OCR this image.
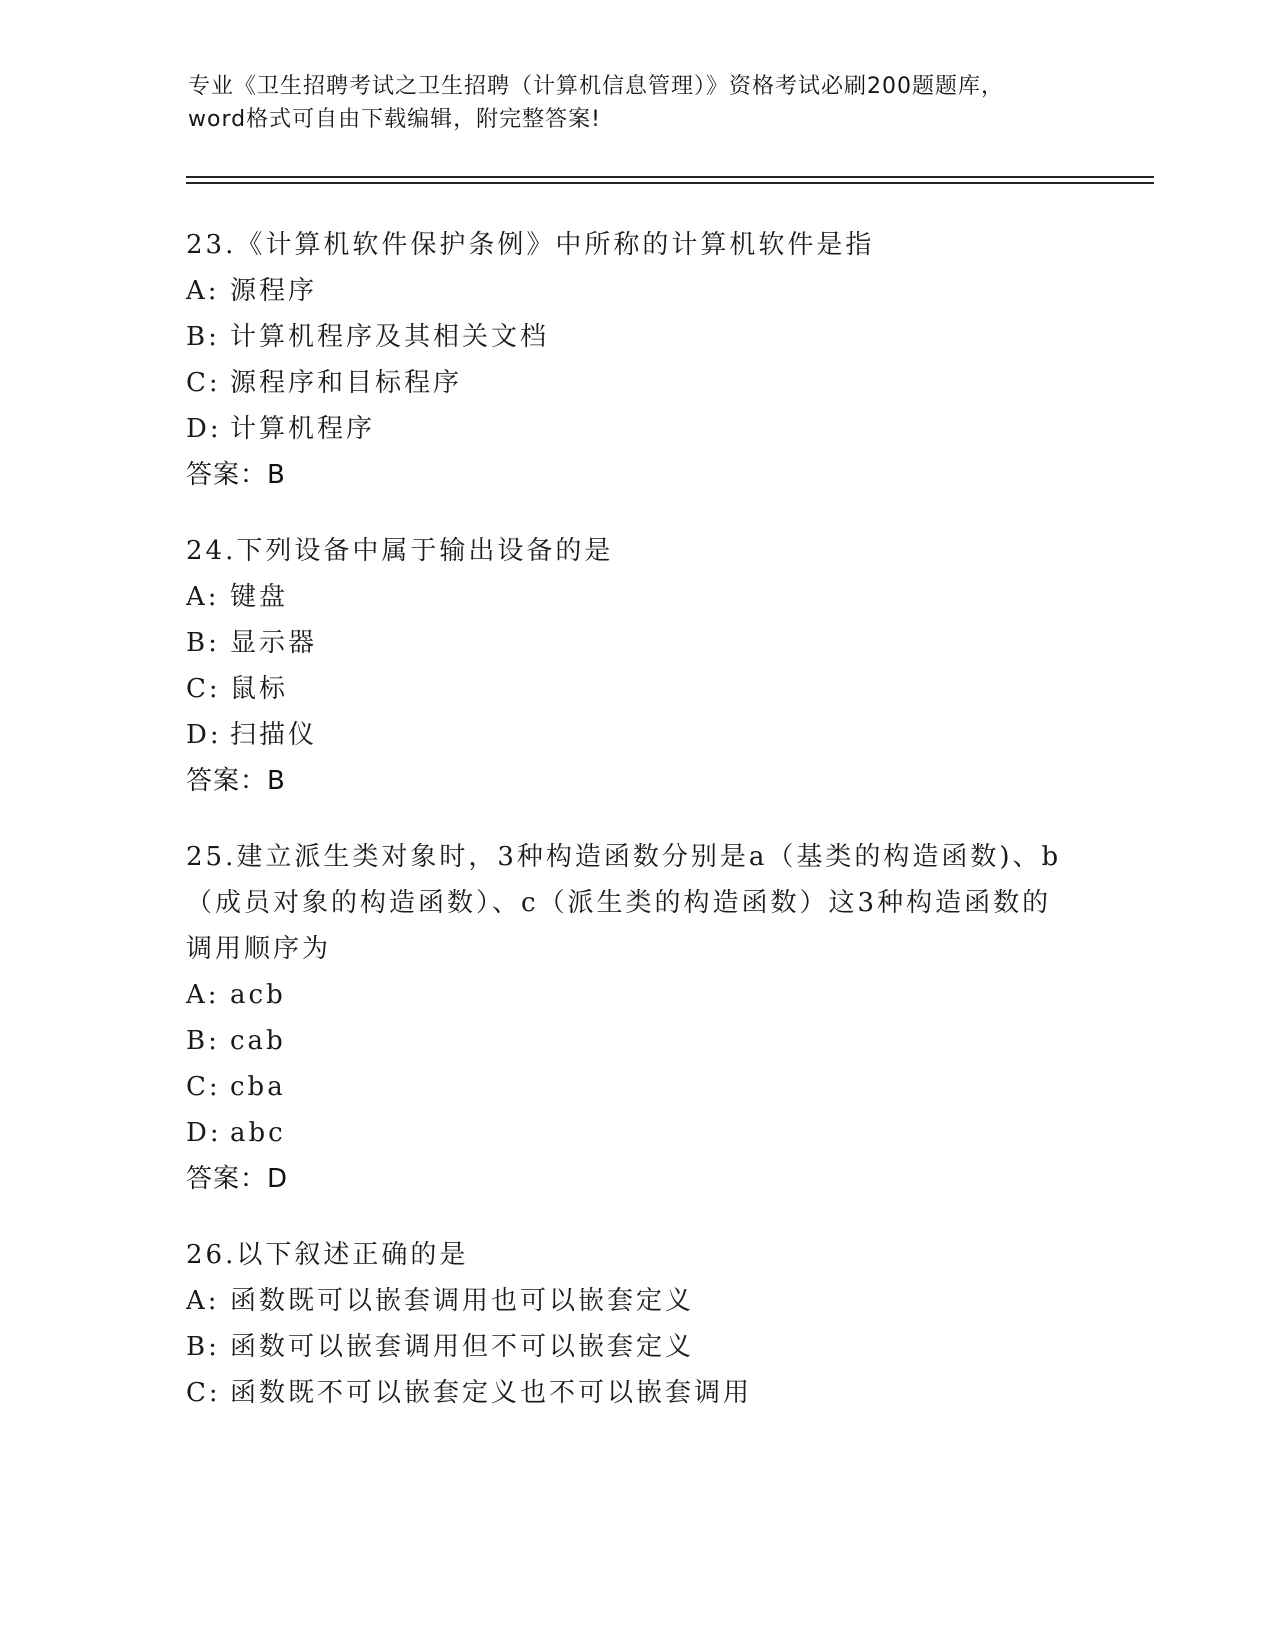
专业《卫生招聘考试之卫生招聘（计算机信息管理）》资格考试必刷200题题库，
word格式可自由下载编辑，附完整答案!
23.《计算机软件保护条例》中所称的计算机软件是指
A: 源程序
B: 计算机程序及其相关文档
C: 源程序和目标程序
D: 计算机程序
答案：B
24.下列设备中属于输出设备的是
A: 键盘
B: 显示器
C: 鼠标
D: 扫描仪
答案：B
25.建立派生类对象时，3种构造函数分别是a（基类的构造函数)、b
（成员对象的构造函数）、c（派生类的构造函数）这3种构造函数的
调用顺序为
A: acb
B: cab
C: cba
D: abc
答案：D
26.以下叙述正确的是
A: 函数既可以嵌套调用也可以嵌套定义
B: 函数可以嵌套调用但不可以嵌套定义
C: 函数既不可以嵌套定义也不可以嵌套调用
